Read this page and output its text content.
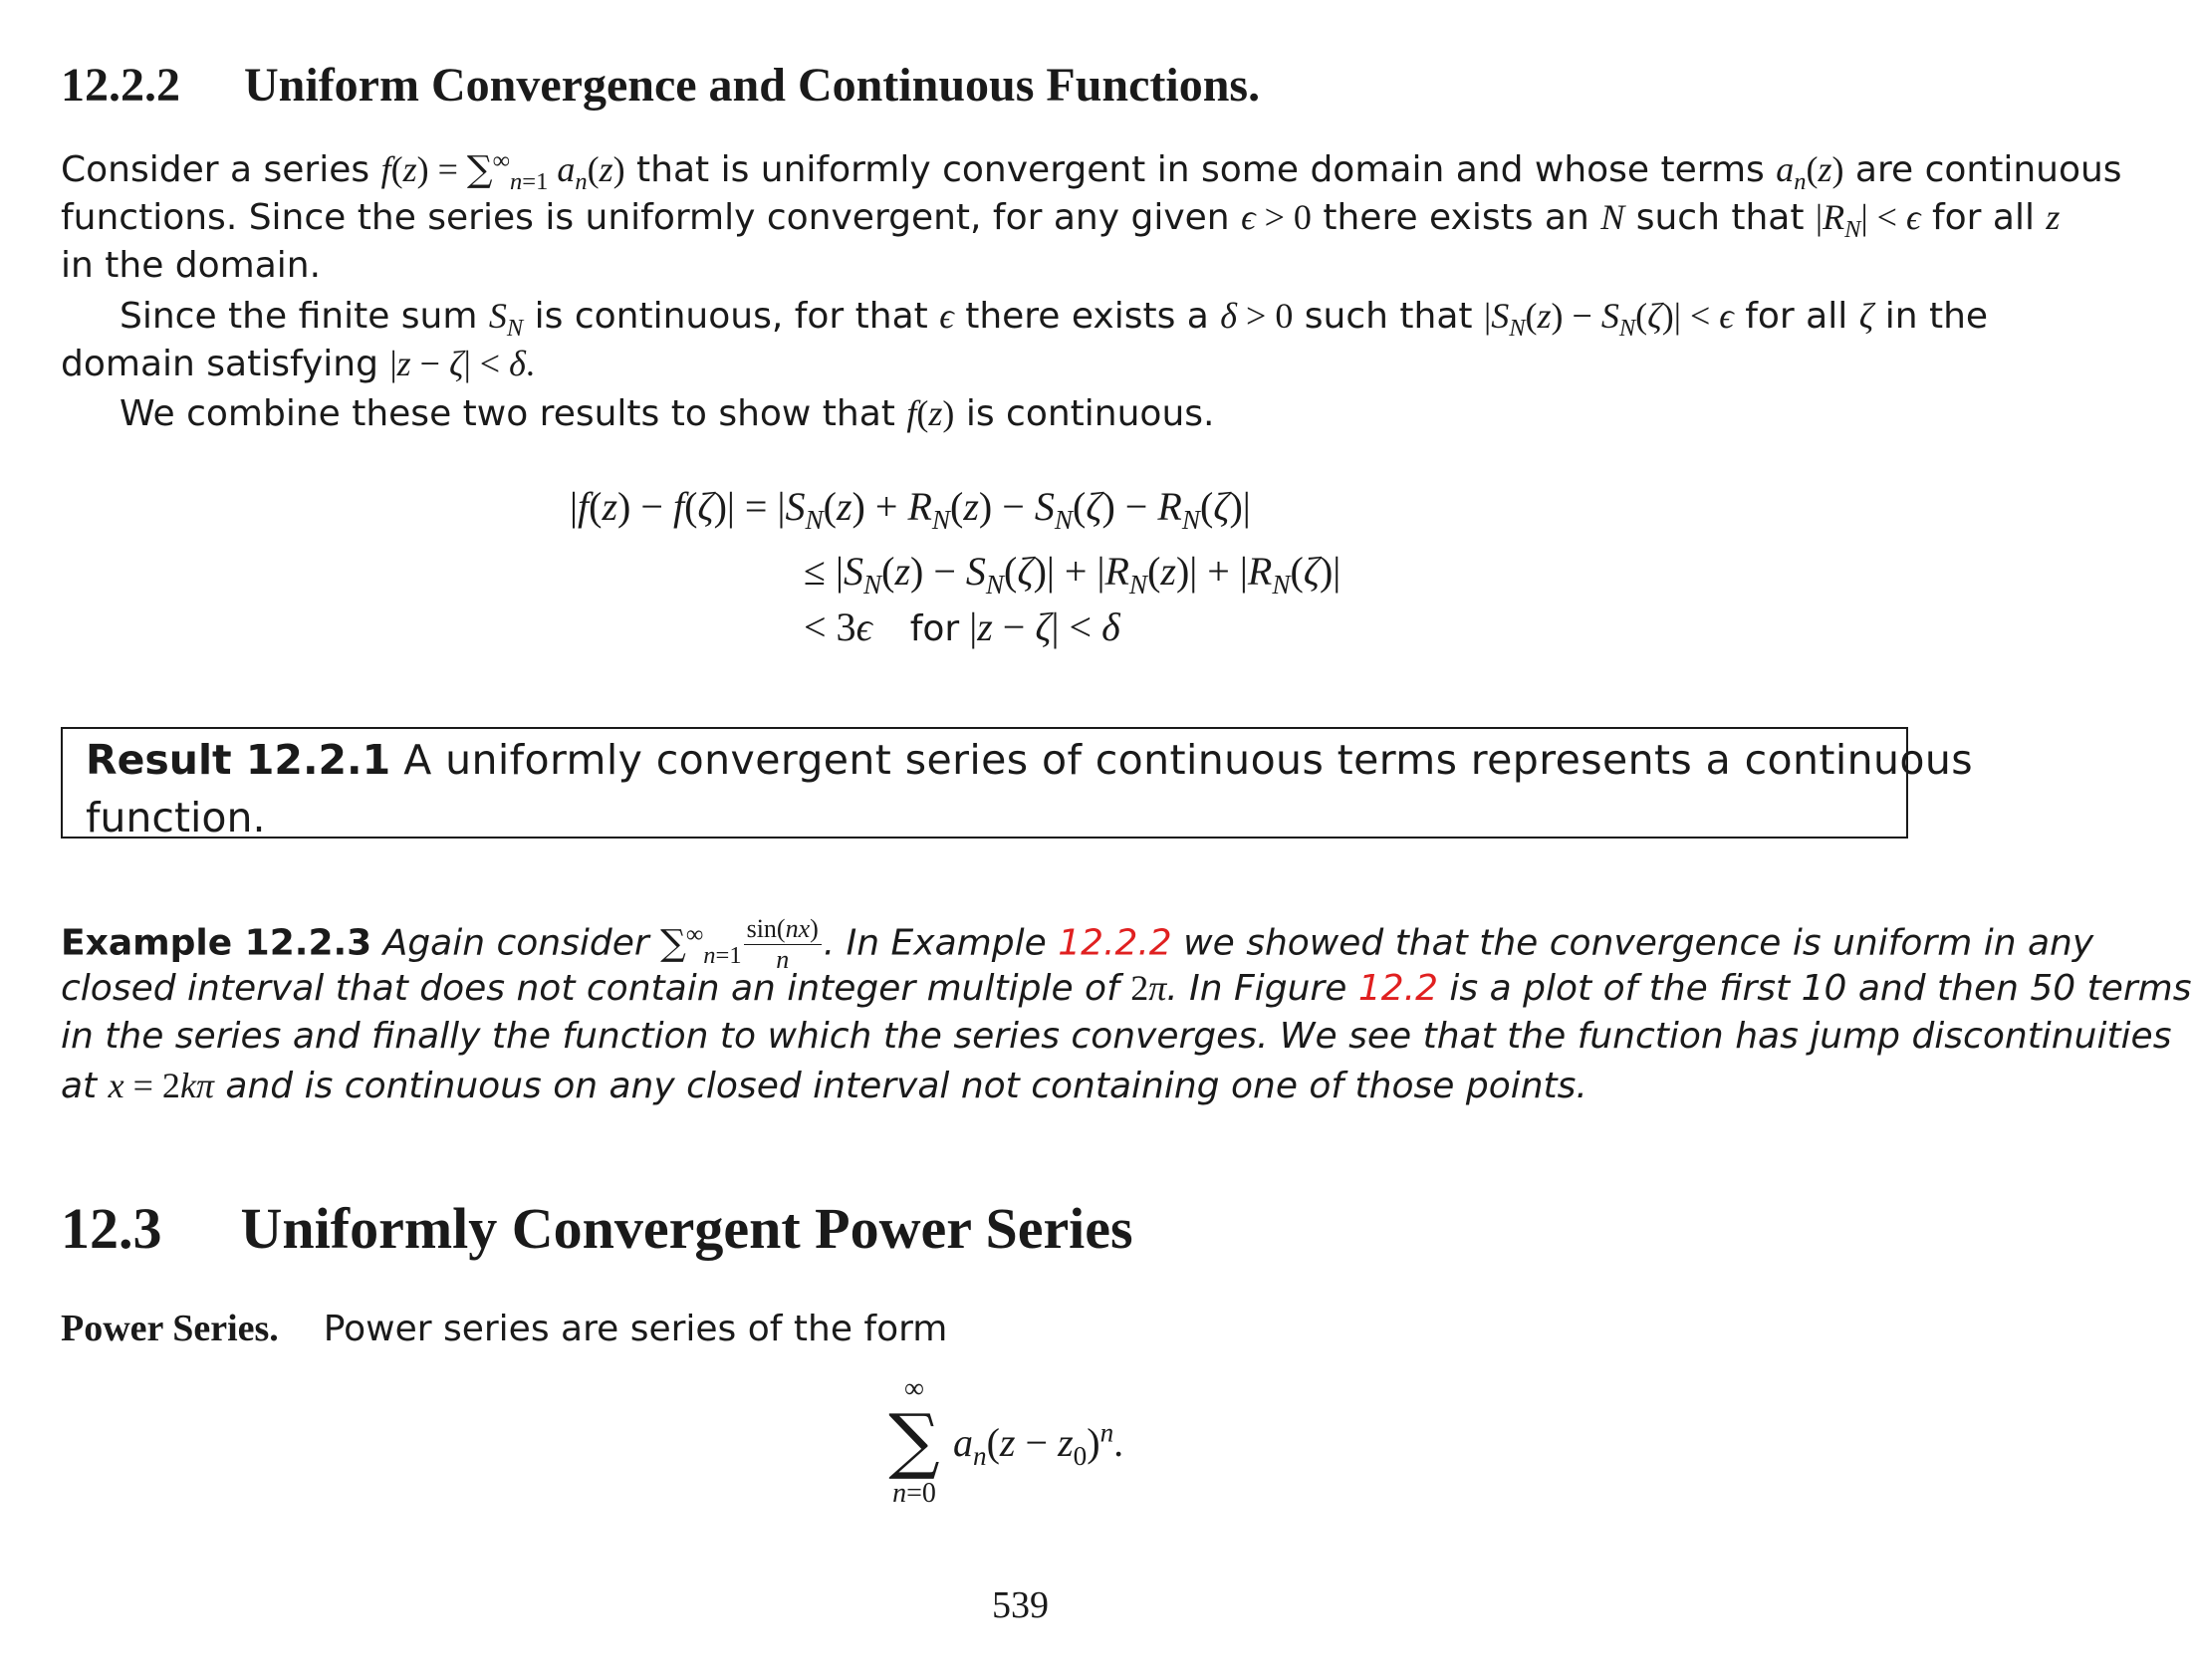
12.2.2 Uniform Convergence and Continuous Functions.
Consider a series $f(z) = \sum^\infty_{n=1}$ $a_n(z)$ that is uniformly convergent in some domain and whose terms $a_n(z)$ are continuous
functions. Since the series is uniformly convergent, for any given ϵ > 0 there exists an N such that $|R_N| < \epsilon$ for all z
in the domain.
Since the finite sum $S_N$ is continuous, for that ϵ there exists a δ > 0 such that $|S_N(z) - S_N(\zeta)| < \epsilon$ for all ζ in the
domain satisfying |z − ζ| < δ.
We combine these two results to show that f(z) is continuous.
$|f(z) - f(\zeta)| = |S_N(z) + R_N(z) - S_N(\zeta) - R_N(\zeta)|$
≤ $|S_N(z) - S_N(\zeta)| + |R_N(z)| + |R_N(\zeta)|$
< 3ϵ for |z − ζ| < δ
Result 12.2.1 A uniformly convergent series of continuous terms represents a continuous
function.
Example 12.2.3 Again consider $\sum^\infty_{n=1} \frac{\sin(nx)}{n}$ . In Example 12.2.2 we showed that the convergence is uniform in any
closed interval that does not contain an integer multiple of 2π. In Figure 12.2 is a plot of the first 10 and then 50 terms
in the series and finally the function to which the series converges. We see that the function has jump discontinuities
at x = 2kπ and is continuous on any closed interval not containing one of those points.
12.3 Uniformly Convergent Power Series
Power Series. Power series are series of the form
∞
∑
n=0
$a_n(z - z_0)^n$.
539
